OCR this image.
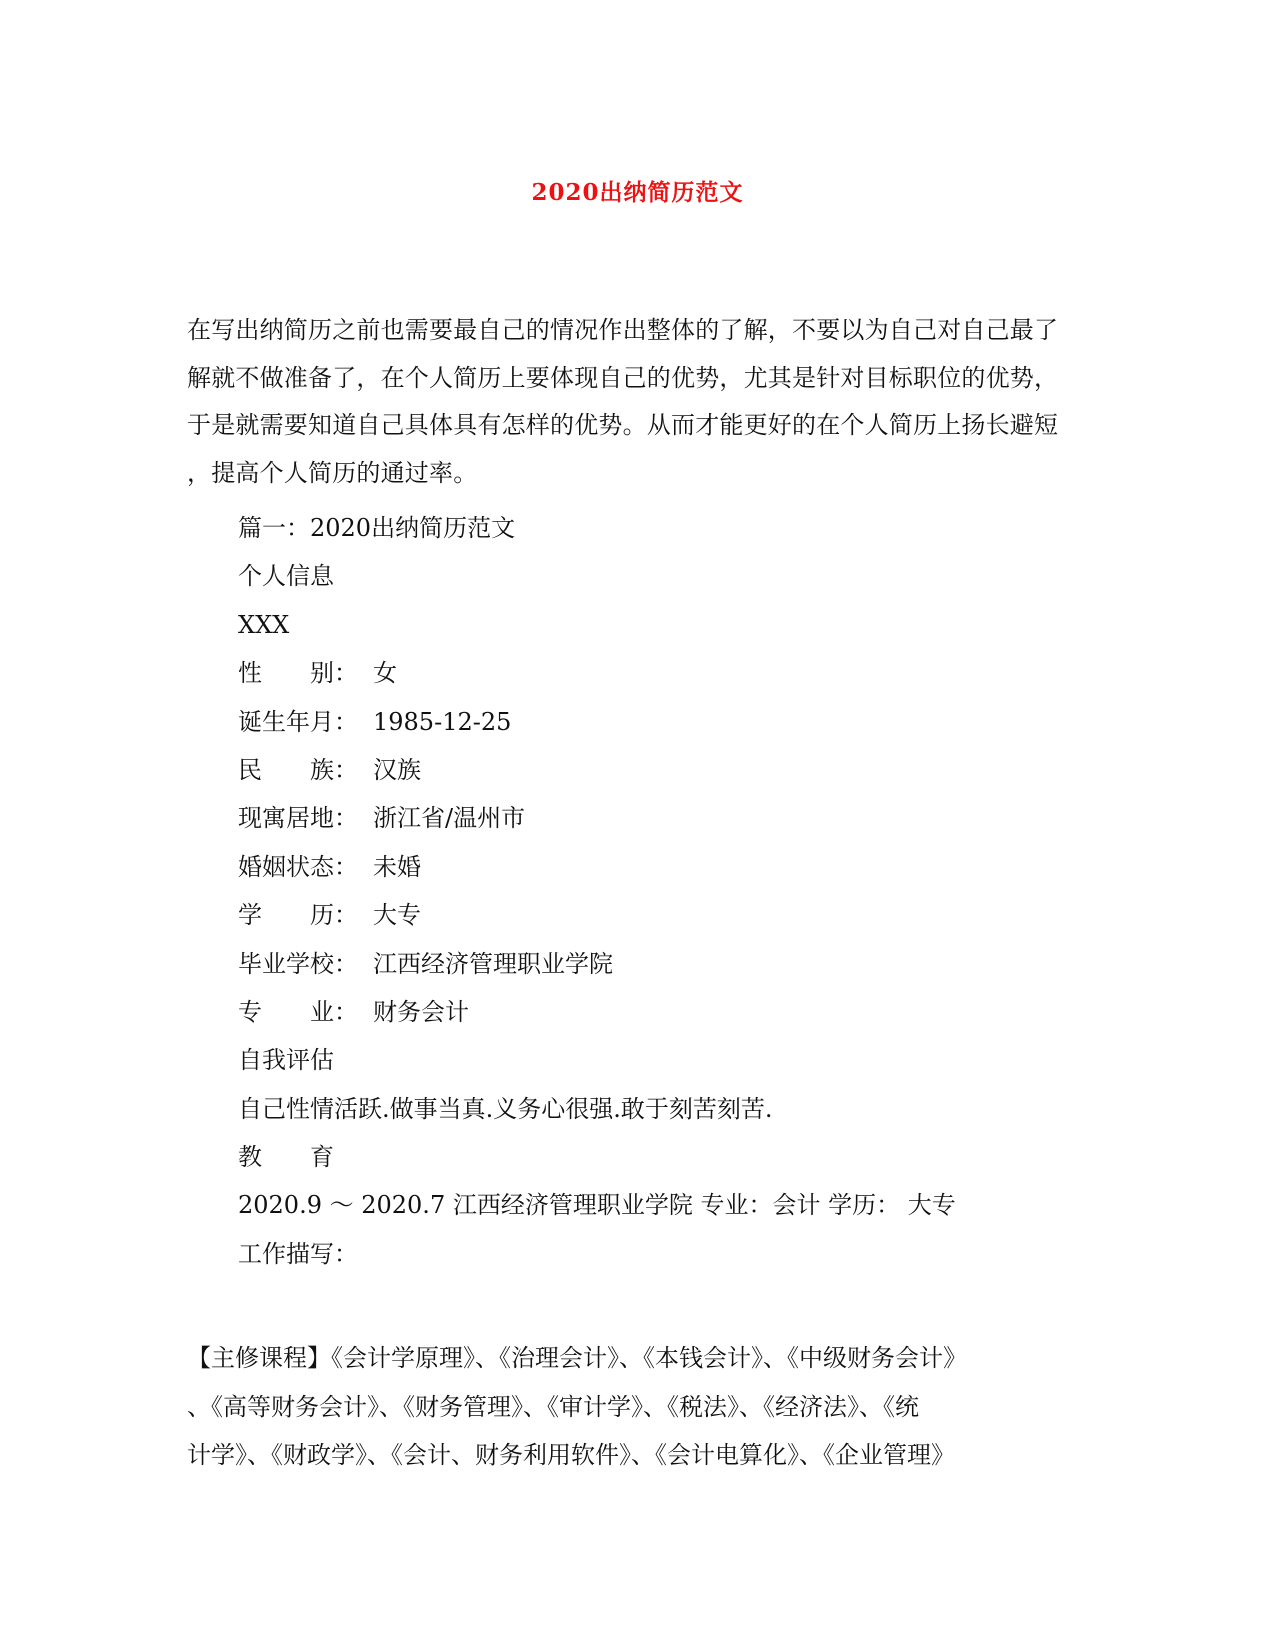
2020出纳简历范文
在写出纳简历之前也需要最自己的情况作出整体的了解，不要以为自己对自己最了
解就不做准备了，在个人简历上要体现自己的优势，尤其是针对目标职位的优势，
于是就需要知道自己具体具有怎样的优势。从而才能更好的在个人简历上扬长避短
，提高个人简历的通过率。
篇一：2020出纳简历范文
个人信息
XXX
性　　别： 女
诞生年月： 1985-12-25
民　　族： 汉族
现寓居地： 浙江省/温州市
婚姻状态： 未婚
学　　历： 大专
毕业学校： 江西经济管理职业学院
专　　业： 财务会计
自我评估
自己性情活跃.做事当真.义务心很强.敢于刻苦刻苦.
教　　育
2020.9 ～ 2020.7 江西经济管理职业学院 专业：会计 学历： 大专
工作描写：
【主修课程】《会计学原理》、《治理会计》、《本钱会计》、《中级财务会计》
、《高等财务会计》、《财务管理》、《审计学》、《税法》、《经济法》、《统
计学》、《财政学》、《会计、财务利用软件》、《会计电算化》、《企业管理》
